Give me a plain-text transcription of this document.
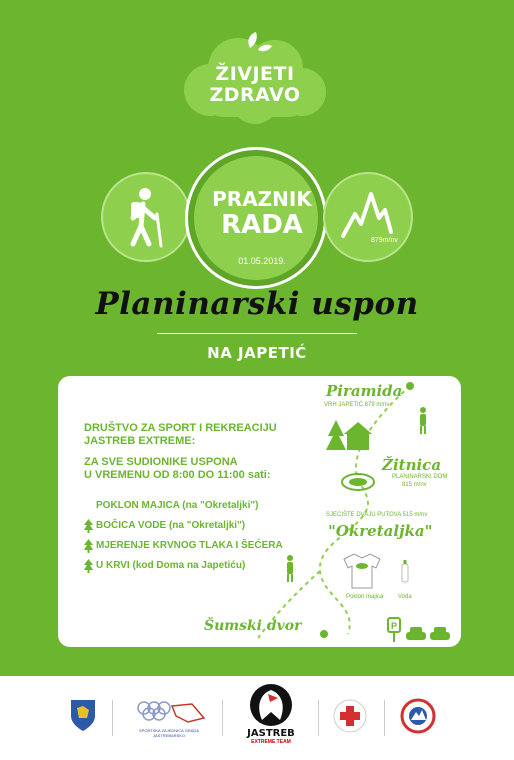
ŽIVJETI
ZDRAVO
PRAZNIK
RADA
01.05.2019.
879m/nv
Planinarski uspon
NA JAPETIĆ
DRUŠTVO ZA SPORT I REKREACIJU
JASTREB EXTREME:
ZA SVE SUDIONIKE USPONA
U VREMENU OD 8:00 DO 11:00 sati:
POKLON MAJICA (na "Okretaljki")
BOČICA VODE (na "Okretaljki")
MJERENJE KRVNOG TLAKA I ŠEĆERA
U KRVI (kod Doma na Japetiću)
P
Piramida
VRH JAPETIĆ 879 m/nv
Žitnica
PLANINARSKI DOM
815 m/nv
SJECIŠTE DVAJU PUTOVA 515 m/nv
"Okretaljka"
Poklon majica Voda
Šumski dvor
SPORTSKA ZAJEDNICA GRADA JASTREBARSKO	JASTREB
EXTREME TEAM
